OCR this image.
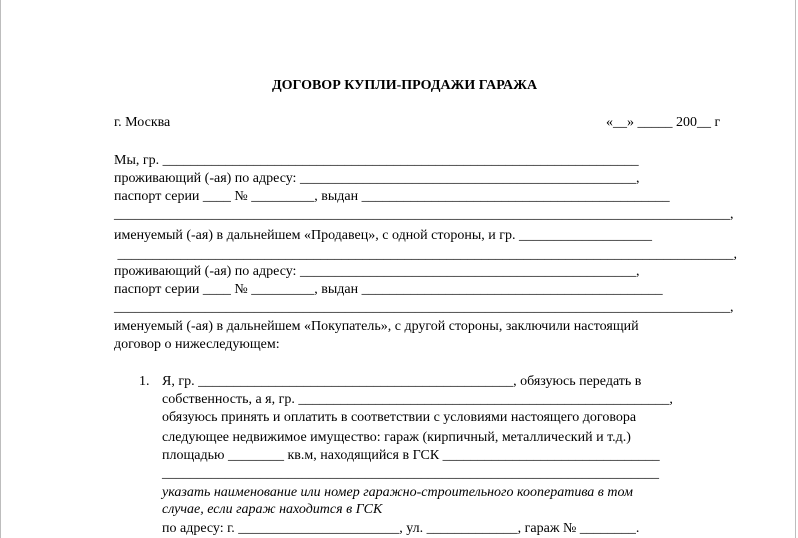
ДОГОВОР КУПЛИ-ПРОДАЖИ ГАРАЖА
г. Москва	«__» _____ 200__ г
Мы, гр. ____________________________________________________________________
проживающий (-ая) по адресу: ________________________________________________,
паспорт серии ____ № _________, выдан ____________________________________________
________________________________________________________________________________________,
именуемый (-ая) в дальнейшем «Продавец», с одной стороны, и гр. ___________________
________________________________________________________________________________________,
проживающий (-ая) по адресу: ________________________________________________,
паспорт серии ____ № _________, выдан ___________________________________________
________________________________________________________________________________________,
именуемый (-ая) в дальнейшем «Покупатель», с другой стороны, заключили настоящий
договор о нижеследующем:
1. Я, гр. _____________________________________________, обязуюсь передать в
собственность, а я, гр. _____________________________________________________,
обязуюсь принять и оплатить в соответствии с условиями настоящего договора
следующее недвижимое имущество: гараж (кирпичный, металлический и т.д.)
площадью ________ кв.м, находящийся в ГСК _______________________________
_______________________________________________________________________
указать наименование или номер гаражно-строительного кооператива в том
случае, если гараж находится в ГСК
по адресу: г. _______________________, ул. _____________, гараж № ________.
